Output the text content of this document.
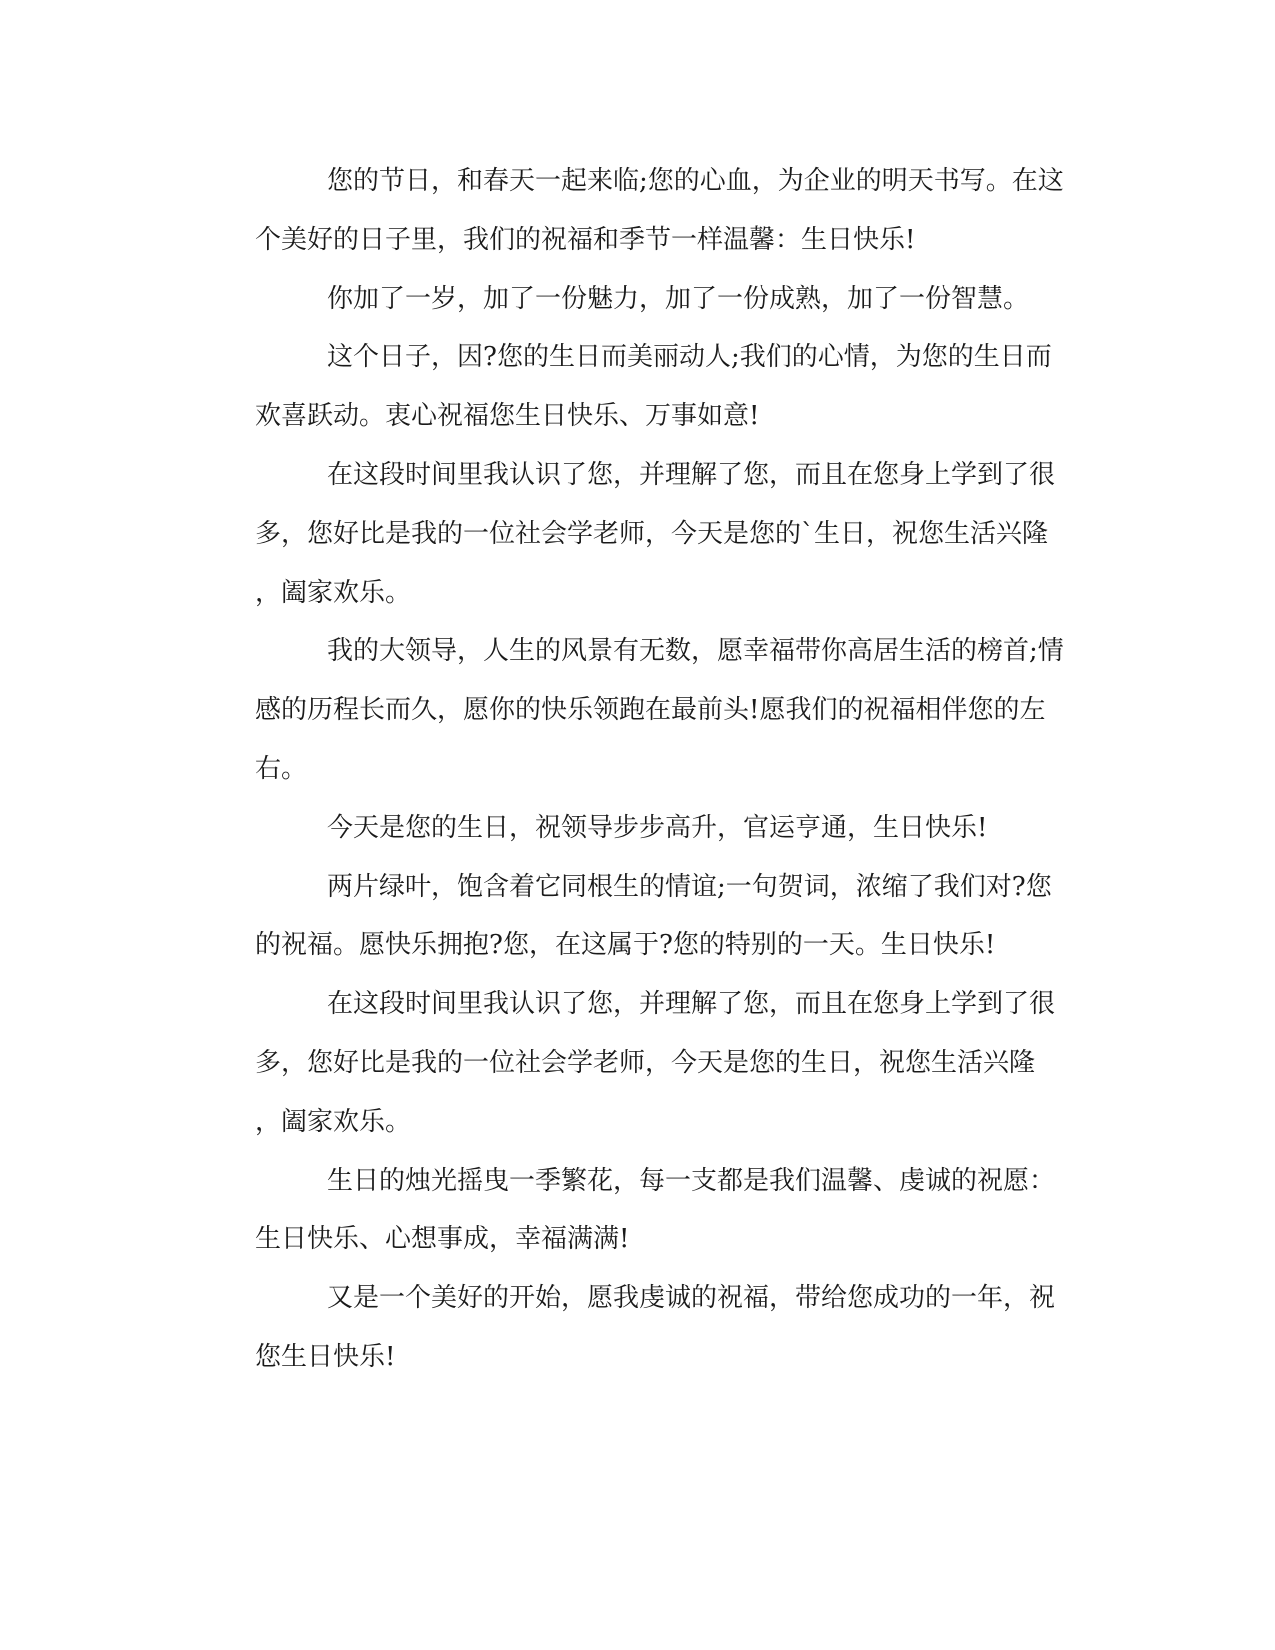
您的节日，和春天一起来临;您的心血，为企业的明天书写。在这
个美好的日子里，我们的祝福和季节一样温馨：生日快乐!
你加了一岁，加了一份魅力，加了一份成熟，加了一份智慧。
这个日子，因?您的生日而美丽动人;我们的心情，为您的生日而
欢喜跃动。衷心祝福您生日快乐、万事如意!
在这段时间里我认识了您，并理解了您，而且在您身上学到了很
多，您好比是我的一位社会学老师，今天是您的`生日，祝您生活兴隆
，阖家欢乐。
我的大领导，人生的风景有无数，愿幸福带你高居生活的榜首;情
感的历程长而久，愿你的快乐领跑在最前头!愿我们的祝福相伴您的左
右。
今天是您的生日，祝领导步步高升，官运亨通，生日快乐!
两片绿叶，饱含着它同根生的情谊;一句贺词，浓缩了我们对?您
的祝福。愿快乐拥抱?您，在这属于?您的特别的一天。生日快乐!
在这段时间里我认识了您，并理解了您，而且在您身上学到了很
多，您好比是我的一位社会学老师，今天是您的生日，祝您生活兴隆
，阖家欢乐。
生日的烛光摇曳一季繁花，每一支都是我们温馨、虔诚的祝愿：
生日快乐、心想事成，幸福满满!
又是一个美好的开始，愿我虔诚的祝福，带给您成功的一年，祝
您生日快乐!
